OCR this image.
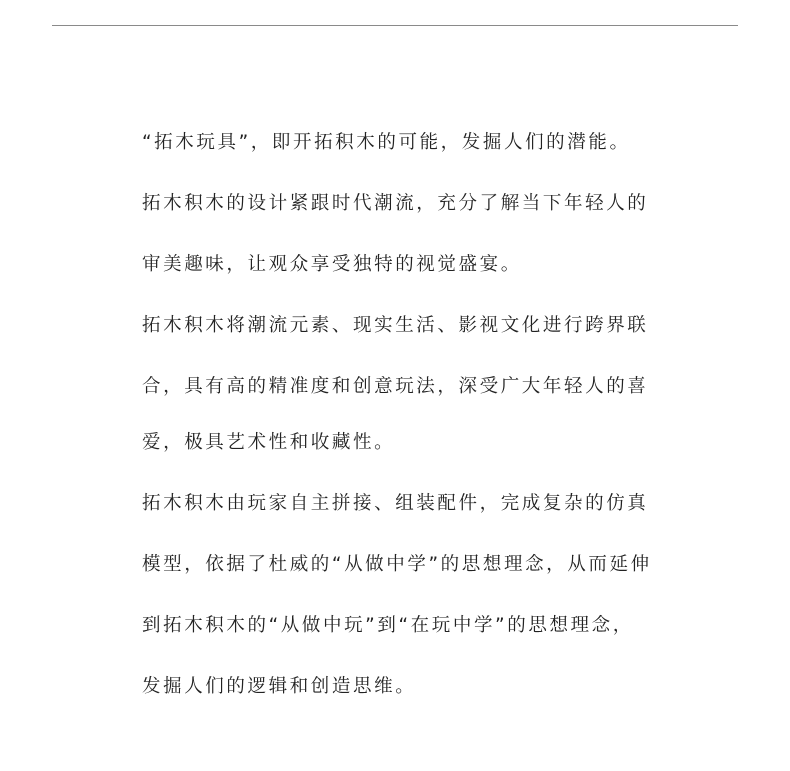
“拓木玩具”，即开拓积木的可能，发掘人们的潜能。
拓木积木的设计紧跟时代潮流，充分了解当下年轻人的
审美趣味，让观众享受独特的视觉盛宴。
拓木积木将潮流元素、现实生活、影视文化进行跨界联
合，具有高的精准度和创意玩法，深受广大年轻人的喜
爱，极具艺术性和收藏性。
拓木积木由玩家自主拼接、组装配件，完成复杂的仿真
模型，依据了杜威的“从做中学”的思想理念，从而延伸
到拓木积木的“从做中玩”到“在玩中学”的思想理念，
发掘人们的逻辑和创造思维。
